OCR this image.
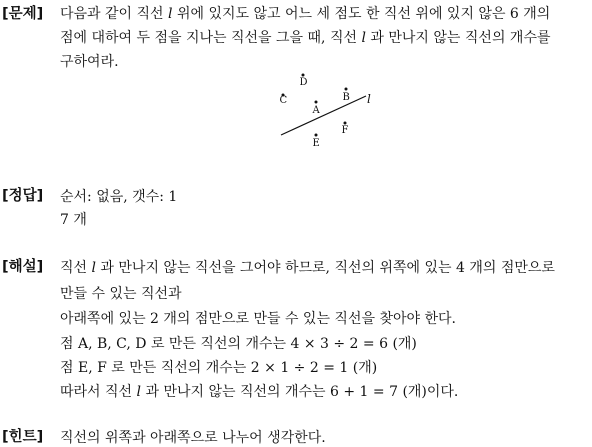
[문제] 다음과 같이 직선 l 위에 있지도 않고 어느 세 점도 한 직선 위에 있지 않은 6 개의
점에 대하여 두 점을 지나는 직선을 그을 때, 직선 l 과 만나지 않는 직선의 개수를
구하여라.
l
D
C	B
A
F
E
[정답] 순서: 없음, 갯수: 1
7 개
[해설] 직선 l 과 만나지 않는 직선을 그어야 하므로, 직선의 위쪽에 있는 4 개의 점만으로
만들 수 있는 직선과
아래쪽에 있는 2 개의 점만으로 만들 수 있는 직선을 찾아야 한다.
점 A, B, C, D 로 만든 직선의 개수는 4 × 3 ÷ 2 = 6 (개)
점 E, F 로 만든 직선의 개수는 2 × 1 ÷ 2 = 1 (개)
따라서 직선 l 과 만나지 않는 직선의 개수는 6 + 1 = 7 (개)이다.
[힌트] 직선의 위쪽과 아래쪽으로 나누어 생각한다.
